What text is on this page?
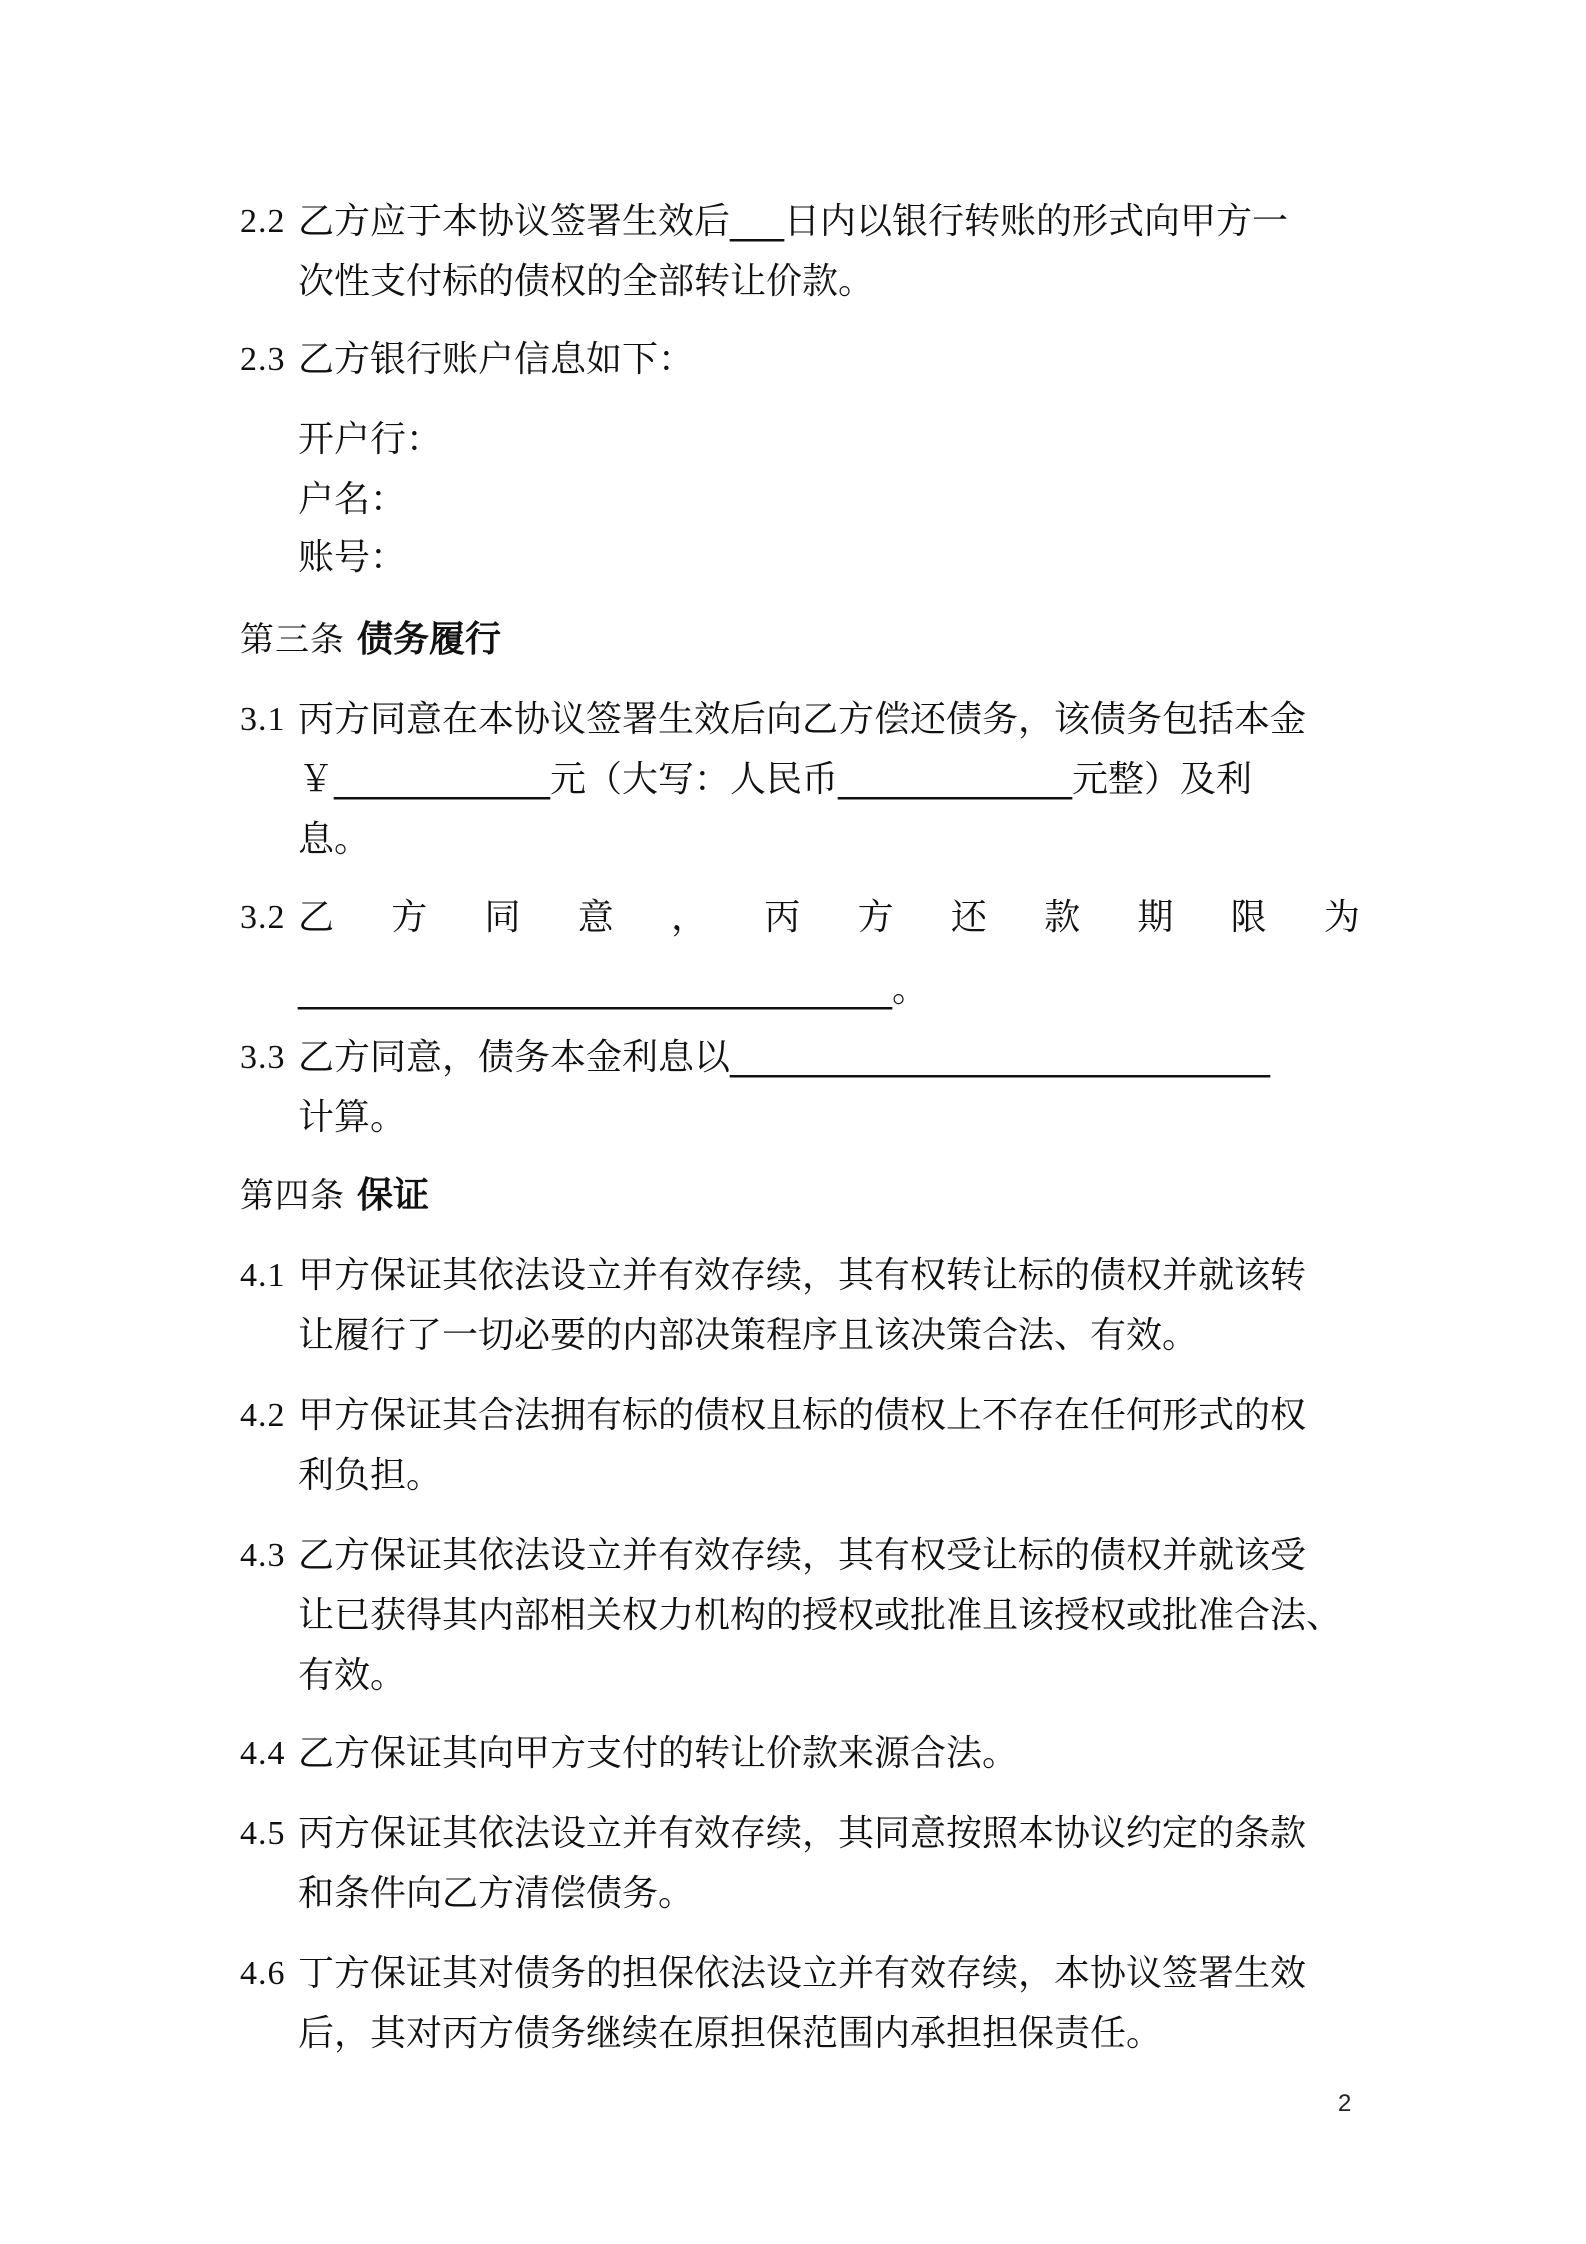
2.2 乙方应于本协议签署生效后___日内以银行转账的形式向甲方一
次性支付标的债权的全部转让价款。
2.3 乙方银行账户信息如下：
开户行：
户名：
账号：
第三条 债务履行
3.1 丙方同意在本协议签署生效后向乙方偿还债务，该债务包括本金
￥____________元（大写：人民币_____________元整）及利
息。
3.2 乙 方 同 意 ， 丙 方 还 款 期 限 为
_________________________________。
3.3 乙方同意，债务本金利息以______________________________
计算。
第四条 保证
4.1 甲方保证其依法设立并有效存续，其有权转让标的债权并就该转
让履行了一切必要的内部决策程序且该决策合法、有效。
4.2 甲方保证其合法拥有标的债权且标的债权上不存在任何形式的权
利负担。
4.3 乙方保证其依法设立并有效存续，其有权受让标的债权并就该受
让已获得其内部相关权力机构的授权或批准且该授权或批准合法、
有效。
4.4 乙方保证其向甲方支付的转让价款来源合法。
4.5 丙方保证其依法设立并有效存续，其同意按照本协议约定的条款
和条件向乙方清偿债务。
4.6 丁方保证其对债务的担保依法设立并有效存续，本协议签署生效
后，其对丙方债务继续在原担保范围内承担担保责任。
2
